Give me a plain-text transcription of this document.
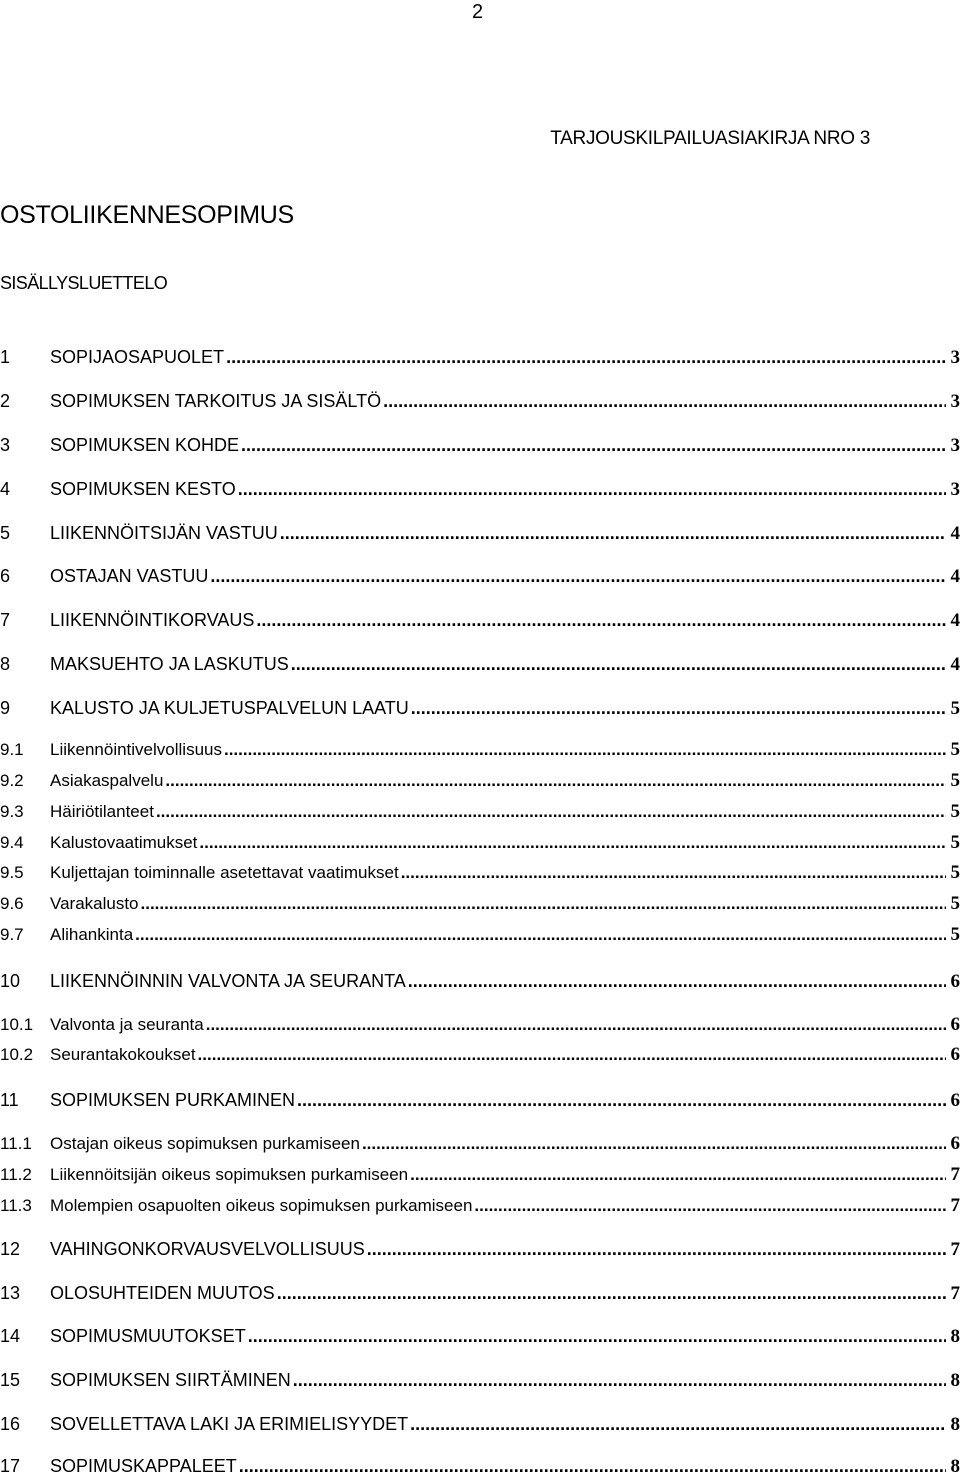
2
TARJOUSKILPAILUASIAKIRJA NRO 3
OSTOLIIKENNESOPIMUS
SISÄLLYSLUETTELO
1	SOPIJAOSAPUOLET .....	3
2	SOPIMUKSEN TARKOITUS JA SISÄLTÖ .....	3
3	SOPIMUKSEN KOHDE .....	3
4	SOPIMUKSEN KESTO .....	3
5	LIIKENNÖITSIJÄN VASTUU .....	4
6	OSTAJAN VASTUU .....	4
7	LIIKENNÖINTIKORVAUS .....	4
8	MAKSUEHTO JA LASKUTUS .....	4
9	KALUSTO JA KULJETUSPALVELUN LAATU .....	5
9.1	Liikennöintivelvollisuus .....	5
9.2	Asiakaspalvelu .....	5
9.3	Häiriötilanteet .....	5
9.4	Kalustovaatimukset .....	5
9.5	Kuljettajan toiminnalle asetettavat vaatimukset .....	5
9.6	Varakalusto .....	5
9.7	Alihankinta .....	5
10	LIIKENNÖINNIN VALVONTA JA SEURANTA .....	6
10.1 Valvonta ja seuranta .....	6
10.2 Seurantakokoukset .....	6
11	SOPIMUKSEN PURKAMINEN .....	6
11.1	Ostajan oikeus sopimuksen purkamiseen .....	6
11.2	Liikennöitsijän oikeus sopimuksen purkamiseen .....	7
11.3	Molempien osapuolten oikeus sopimuksen purkamiseen .....	7
12	VAHINGONKORVAUSVELVOLLISUUS .....	7
13	OLOSUHTEIDEN MUUTOS .....	7
14	SOPIMUSMUUTOKSET .....	8
15	SOPIMUKSEN SIIRTÄMINEN .....	8
16	SOVELLETTAVA LAKI JA ERIMIELISYYDET .....	8
17	SOPIMUSKAPPALEET .....	8
